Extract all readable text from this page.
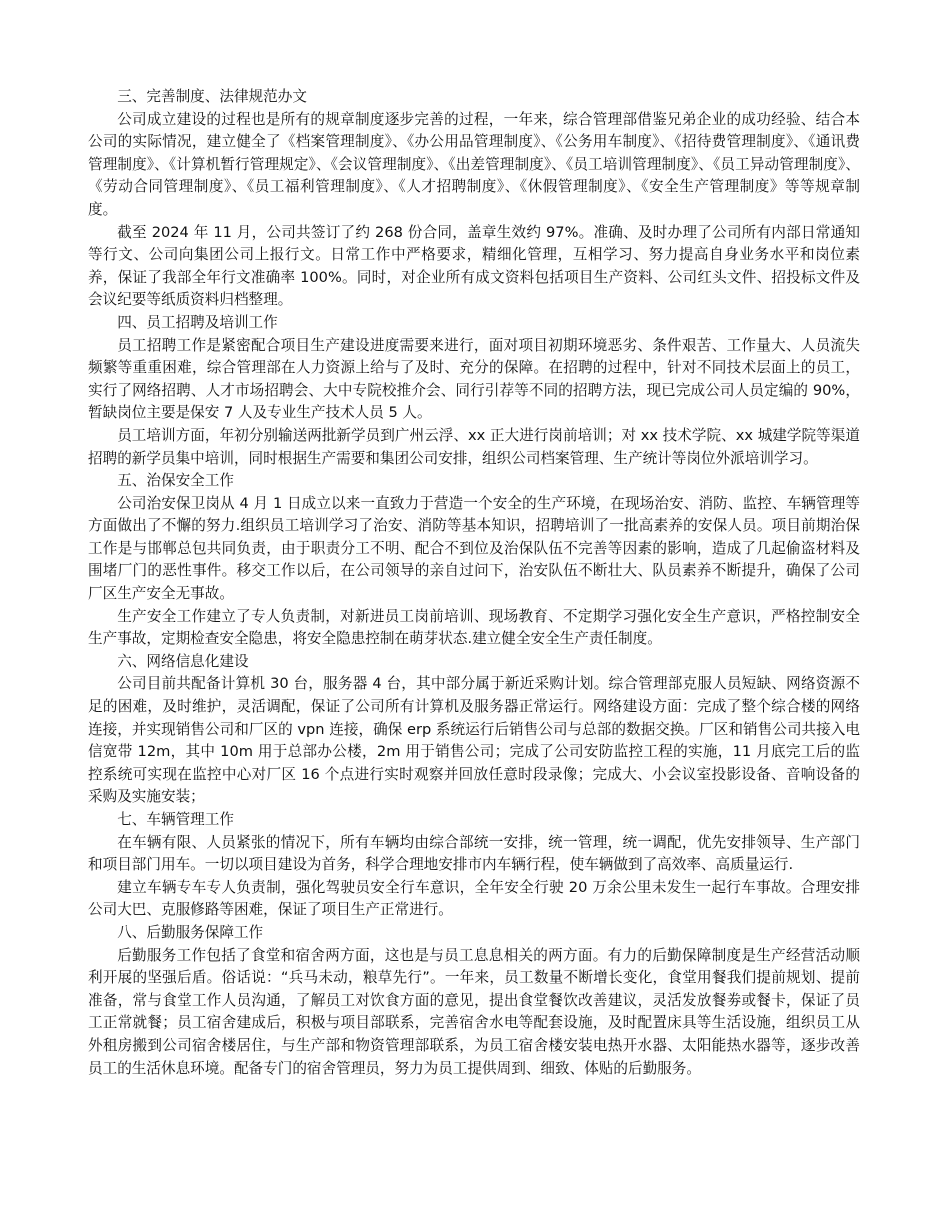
三、完善制度、法律规范办文

公司成立建设的过程也是所有的规章制度逐步完善的过程，一年来，综合管理部借鉴兄弟企业的成功经验、结合本公司的实际情况，建立健全了《档案管理制度》、《办公用品管理制度》、《公务用车制度》、《招待费管理制度》、《通讯费管理制度》、《计算机暂行管理规定》、《会议管理制度》、《出差管理制度》、《员工培训管理制度》、《员工异动管理制度》、《劳动合同管理制度》、《员工福利管理制度》、《人才招聘制度》、《休假管理制度》、《安全生产管理制度》等等规章制度。

截至 2024 年 11 月，公司共签订了约 268 份合同，盖章生效约 97%。准确、及时办理了公司所有内部日常通知等行文、公司向集团公司上报行文。日常工作中严格要求，精细化管理，互相学习、努力提高自身业务水平和岗位素养，保证了我部全年行文准确率 100%。同时，对企业所有成文资料包括项目生产资料、公司红头文件、招投标文件及会议纪要等纸质资料归档整理。

四、员工招聘及培训工作

员工招聘工作是紧密配合项目生产建设进度需要来进行，面对项目初期环境恶劣、条件艰苦、工作量大、人员流失频繁等重重困难，综合管理部在人力资源上给与了及时、充分的保障。在招聘的过程中，针对不同技术层面上的员工，实行了网络招聘、人才市场招聘会、大中专院校推介会、同行引荐等不同的招聘方法，现已完成公司人员定编的 90%，暂缺岗位主要是保安 7 人及专业生产技术人员 5 人。

员工培训方面，年初分别输送两批新学员到广州云浮、xx 正大进行岗前培训；对 xx 技术学院、xx 城建学院等渠道招聘的新学员集中培训，同时根据生产需要和集团公司安排，组织公司档案管理、生产统计等岗位外派培训学习。

五、治保安全工作

公司治安保卫岗从 4 月 1 日成立以来一直致力于营造一个安全的生产环境，在现场治安、消防、监控、车辆管理等方面做出了不懈的努力.组织员工培训学习了治安、消防等基本知识，招聘培训了一批高素养的安保人员。项目前期治保工作是与邯郸总包共同负责，由于职责分工不明、配合不到位及治保队伍不完善等因素的影响，造成了几起偷盗材料及围堵厂门的恶性事件。移交工作以后，在公司领导的亲自过问下，治安队伍不断壮大、队员素养不断提升，确保了公司厂区生产安全无事故。

生产安全工作建立了专人负责制，对新进员工岗前培训、现场教育、不定期学习强化安全生产意识，严格控制安全生产事故，定期检查安全隐患，将安全隐患控制在萌芽状态.建立健全安全生产责任制度。

六、网络信息化建设

公司目前共配备计算机 30 台，服务器 4 台，其中部分属于新近采购计划。综合管理部克服人员短缺、网络资源不足的困难，及时维护，灵活调配，保证了公司所有计算机及服务器正常运行。网络建设方面：完成了整个综合楼的网络连接，并实现销售公司和厂区的 vpn 连接，确保 erp 系统运行后销售公司与总部的数据交换。厂区和销售公司共接入电信宽带 12m，其中 10m 用于总部办公楼，2m 用于销售公司；完成了公司安防监控工程的实施，11 月底完工后的监控系统可实现在监控中心对厂区 16 个点进行实时观察并回放任意时段录像；完成大、小会议室投影设备、音响设备的采购及实施安装；

七、车辆管理工作

在车辆有限、人员紧张的情况下，所有车辆均由综合部统一安排，统一管理，统一调配，优先安排领导、生产部门和项目部门用车。一切以项目建设为首务，科学合理地安排市内车辆行程，使车辆做到了高效率、高质量运行.

建立车辆专车专人负责制，强化驾驶员安全行车意识，全年安全行驶 20 万余公里未发生一起行车事故。合理安排公司大巴、克服修路等困难，保证了项目生产正常进行。

八、后勤服务保障工作

后勤服务工作包括了食堂和宿舍两方面，这也是与员工息息相关的两方面。有力的后勤保障制度是生产经营活动顺利开展的坚强后盾。俗话说：“兵马未动，粮草先行”。一年来，员工数量不断增长变化，食堂用餐我们提前规划、提前准备，常与食堂工作人员沟通，了解员工对饮食方面的意见，提出食堂餐饮改善建议，灵活发放餐劵或餐卡，保证了员工正常就餐；员工宿舍建成后，积极与项目部联系，完善宿舍水电等配套设施，及时配置床具等生活设施，组织员工从外租房搬到公司宿舍楼居住，与生产部和物资管理部联系，为员工宿舍楼安装电热开水器、太阳能热水器等，逐步改善员工的生活休息环境。配备专门的宿舍管理员，努力为员工提供周到、细致、体贴的后勤服务。
